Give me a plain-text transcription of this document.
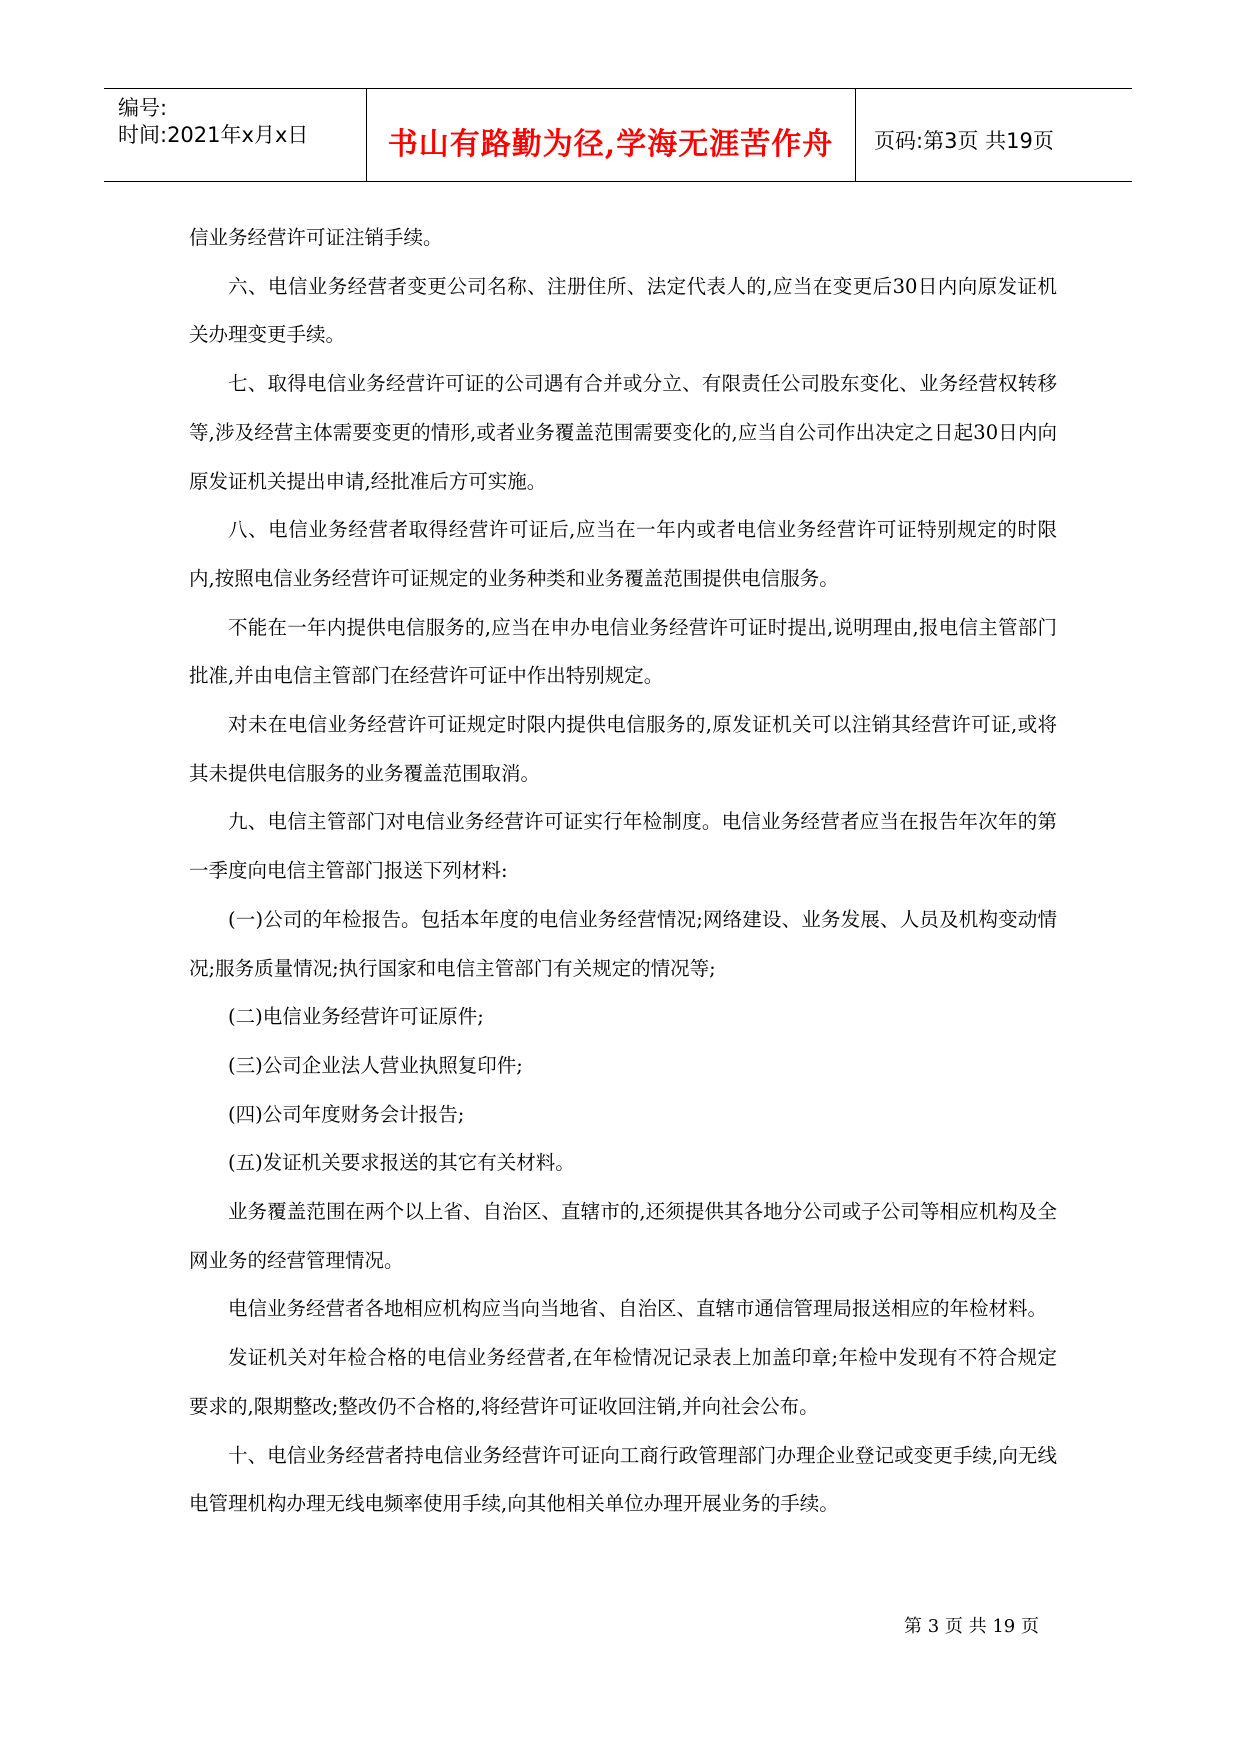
编号:
时间:2021年x月x日	书山有路勤为径,学海无涯苦作舟	页码:第3页 共19页

信业务经营许可证注销手续。

六、电信业务经营者变更公司名称、注册住所、法定代表人的,应当在变更后30日内向原发证机关办理变更手续。

七、取得电信业务经营许可证的公司遇有合并或分立、有限责任公司股东变化、业务经营权转移等,涉及经营主体需要变更的情形,或者业务覆盖范围需要变化的,应当自公司作出决定之日起30日内向原发证机关提出申请,经批准后方可实施。

八、电信业务经营者取得经营许可证后,应当在一年内或者电信业务经营许可证特别规定的时限内,按照电信业务经营许可证规定的业务种类和业务覆盖范围提供电信服务。

不能在一年内提供电信服务的,应当在申办电信业务经营许可证时提出,说明理由,报电信主管部门批准,并由电信主管部门在经营许可证中作出特别规定。

对未在电信业务经营许可证规定时限内提供电信服务的,原发证机关可以注销其经营许可证,或将其未提供电信服务的业务覆盖范围取消。

九、电信主管部门对电信业务经营许可证实行年检制度。电信业务经营者应当在报告年次年的第一季度向电信主管部门报送下列材料:

(一)公司的年检报告。包括本年度的电信业务经营情况;网络建设、业务发展、人员及机构变动情况;服务质量情况;执行国家和电信主管部门有关规定的情况等;

(二)电信业务经营许可证原件;

(三)公司企业法人营业执照复印件;

(四)公司年度财务会计报告;

(五)发证机关要求报送的其它有关材料。

业务覆盖范围在两个以上省、自治区、直辖市的,还须提供其各地分公司或子公司等相应机构及全网业务的经营管理情况。

电信业务经营者各地相应机构应当向当地省、自治区、直辖市通信管理局报送相应的年检材料。

发证机关对年检合格的电信业务经营者,在年检情况记录表上加盖印章;年检中发现有不符合规定要求的,限期整改;整改仍不合格的,将经营许可证收回注销,并向社会公布。

十、电信业务经营者持电信业务经营许可证向工商行政管理部门办理企业登记或变更手续,向无线电管理机构办理无线电频率使用手续,向其他相关单位办理开展业务的手续。

第 3 页 共 19 页
